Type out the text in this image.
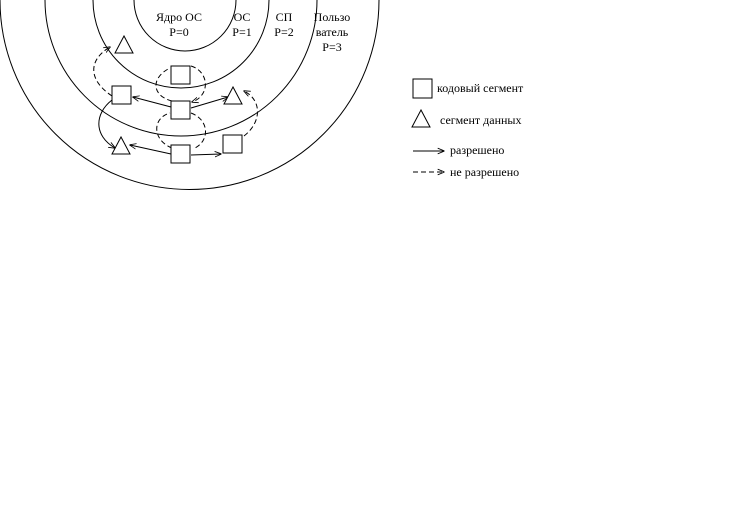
Ядро ОС
P=0
ОС
P=1
СП
P=2
Пользо
ватель
P=3
кодовый сегмент
сегмент данных
разрешено
не разрешено
